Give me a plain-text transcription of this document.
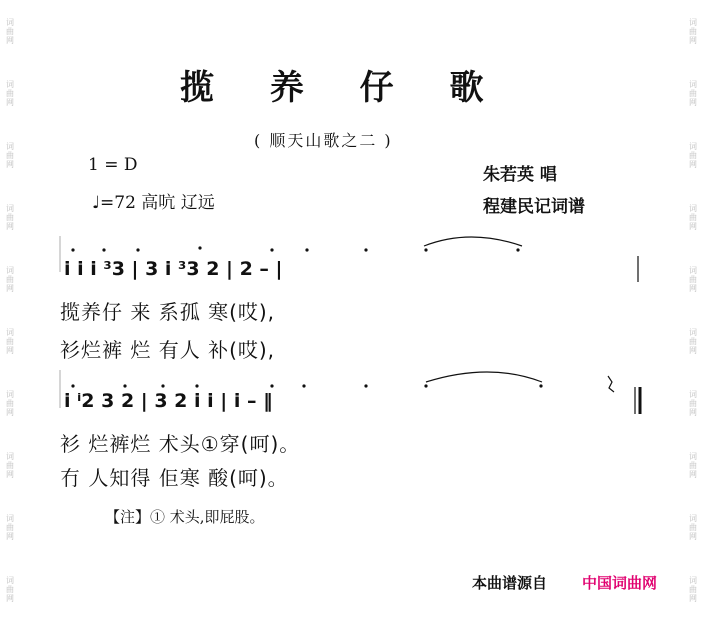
词
曲
网
词
曲
网
词
曲
网
词
曲
网
词
曲
网
词
曲
网
词
曲
网
词
曲
网
词
曲
网
词
曲
网
词
曲
网
词
曲
网
词
曲
网
词
曲
网
词
曲
网
词
曲
网
词
曲
网
词
曲
网
词
曲
网
词
曲
网
揽 养 仔 歌
( 顺天山歌之二 )
1 = D
♩=72 高吭 辽远
朱若英 唱
程建民记词谱
i i i ³3 | 3 i ³3 2 | 2 – |
揽养仔 来 系孤 寒(哎),
衫烂裤 烂 有人 补(哎),
i ⁱ2 3 2 | 3 2 i i | i – ‖
衫 烂裤烂 术头①穿(呵)。
冇 人知得 佢寒 酸(呵)。
【注】① 术头,即屁股。
本曲谱源自 中国词曲网
